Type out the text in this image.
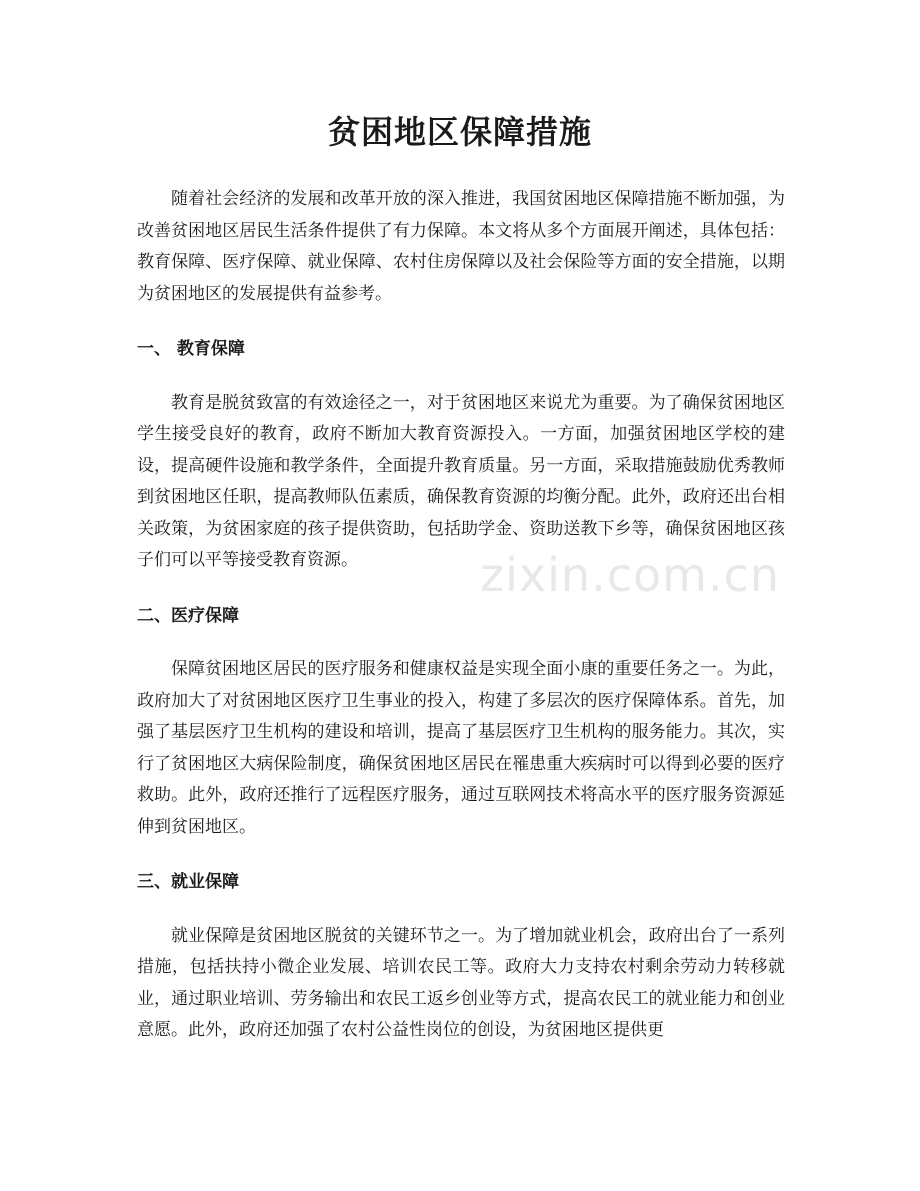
贫困地区保障措施

随着社会经济的发展和改革开放的深入推进，我国贫困地区保障措施不断加强，为改善贫困地区居民生活条件提供了有力保障。本文将从多个方面展开阐述，具体包括：教育保障、医疗保障、就业保障、农村住房保障以及社会保险等方面的安全措施，以期为贫困地区的发展提供有益参考。

一、 教育保障

教育是脱贫致富的有效途径之一，对于贫困地区来说尤为重要。为了确保贫困地区学生接受良好的教育，政府不断加大教育资源投入。一方面，加强贫困地区学校的建设，提高硬件设施和教学条件，全面提升教育质量。另一方面，采取措施鼓励优秀教师到贫困地区任职，提高教师队伍素质，确保教育资源的均衡分配。此外，政府还出台相关政策，为贫困家庭的孩子提供资助，包括助学金、资助送教下乡等，确保贫困地区孩子们可以平等接受教育资源。

二、医疗保障

保障贫困地区居民的医疗服务和健康权益是实现全面小康的重要任务之一。为此，政府加大了对贫困地区医疗卫生事业的投入，构建了多层次的医疗保障体系。首先，加强了基层医疗卫生机构的建设和培训，提高了基层医疗卫生机构的服务能力。其次，实行了贫困地区大病保险制度，确保贫困地区居民在罹患重大疾病时可以得到必要的医疗救助。此外，政府还推行了远程医疗服务，通过互联网技术将高水平的医疗服务资源延伸到贫困地区。

三、就业保障

就业保障是贫困地区脱贫的关键环节之一。为了增加就业机会，政府出台了一系列措施，包括扶持小微企业发展、培训农民工等。政府大力支持农村剩余劳动力转移就业，通过职业培训、劳务输出和农民工返乡创业等方式，提高农民工的就业能力和创业意愿。此外，政府还加强了农村公益性岗位的创设，为贫困地区提供更

zixin.com.cn
